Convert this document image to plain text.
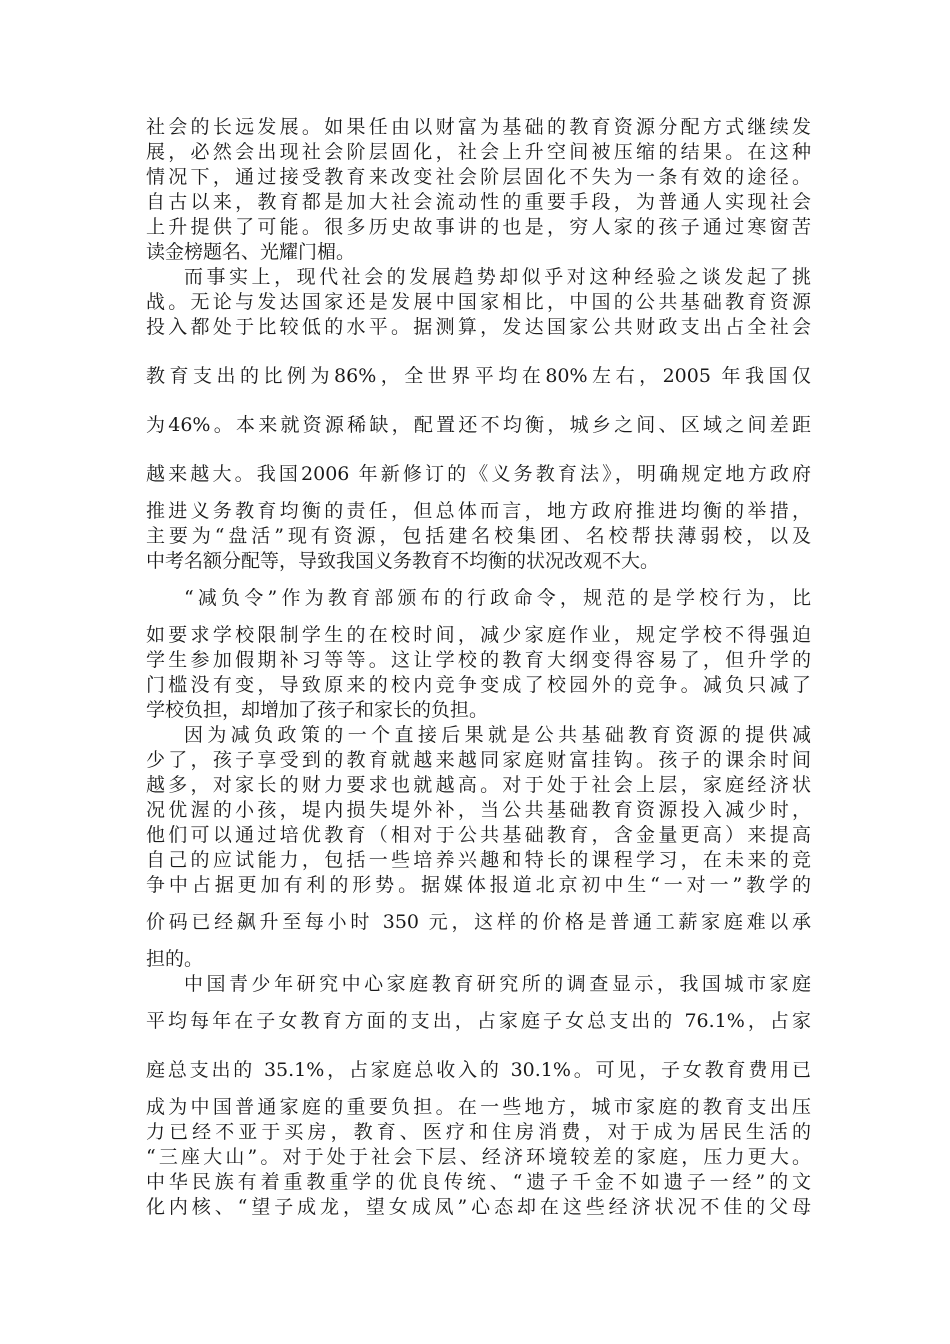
社会的长远发展。如果任由以财富为基础的教育资源分配方式继续发
展，必然会出现社会阶层固化，社会上升空间被压缩的结果。在这种
情况下，通过接受教育来改变社会阶层固化不失为一条有效的途径。
自古以来，教育都是加大社会流动性的重要手段，为普通人实现社会
上升提供了可能。很多历史故事讲的也是，穷人家的孩子通过寒窗苦
读金榜题名、光耀门楣。
而事实上，现代社会的发展趋势却似乎对这种经验之谈发起了挑
战。无论与发达国家还是发展中国家相比，中国的公共基础教育资源
投入都处于比较低的水平。据测算，发达国家公共财政支出占全社会
教育支出的比例为86%，全世界平均在80%左右，2005 年我国仅
为46%。本来就资源稀缺，配置还不均衡，城乡之间、区域之间差距
越来越大。我国2006 年新修订的《义务教育法》，明确规定地方政府
推进义务教育均衡的责任，但总体而言，地方政府推进均衡的举措，
主要为“盘活”现有资源，包括建名校集团、名校帮扶薄弱校，以及
中考名额分配等，导致我国义务教育不均衡的状况改观不大。
“减负令”作为教育部颁布的行政命令，规范的是学校行为，比
如要求学校限制学生的在校时间，减少家庭作业，规定学校不得强迫
学生参加假期补习等等。这让学校的教育大纲变得容易了，但升学的
门槛没有变，导致原来的校内竞争变成了校园外的竞争。减负只减了
学校负担，却增加了孩子和家长的负担。
因为减负政策的一个直接后果就是公共基础教育资源的提供减
少了，孩子享受到的教育就越来越同家庭财富挂钩。孩子的课余时间
越多，对家长的财力要求也就越高。对于处于社会上层，家庭经济状
况优渥的小孩，堤内损失堤外补，当公共基础教育资源投入减少时，
他们可以通过培优教育（相对于公共基础教育，含金量更高）来提高
自己的应试能力，包括一些培养兴趣和特长的课程学习，在未来的竞
争中占据更加有利的形势。据媒体报道北京初中生“一对一”教学的
价码已经飙升至每小时 350 元，这样的价格是普通工薪家庭难以承
担的。
中国青少年研究中心家庭教育研究所的调查显示，我国城市家庭
平均每年在子女教育方面的支出，占家庭子女总支出的 76.1%，占家
庭总支出的 35.1%，占家庭总收入的 30.1%。可见，子女教育费用已
成为中国普通家庭的重要负担。在一些地方，城市家庭的教育支出压
力已经不亚于买房，教育、医疗和住房消费，对于成为居民生活的
“三座大山”。对于处于社会下层、经济环境较差的家庭，压力更大。
中华民族有着重教重学的优良传统、“遗子千金不如遗子一经”的文
化内核、“望子成龙，望女成凤”心态却在这些经济状况不佳的父母
